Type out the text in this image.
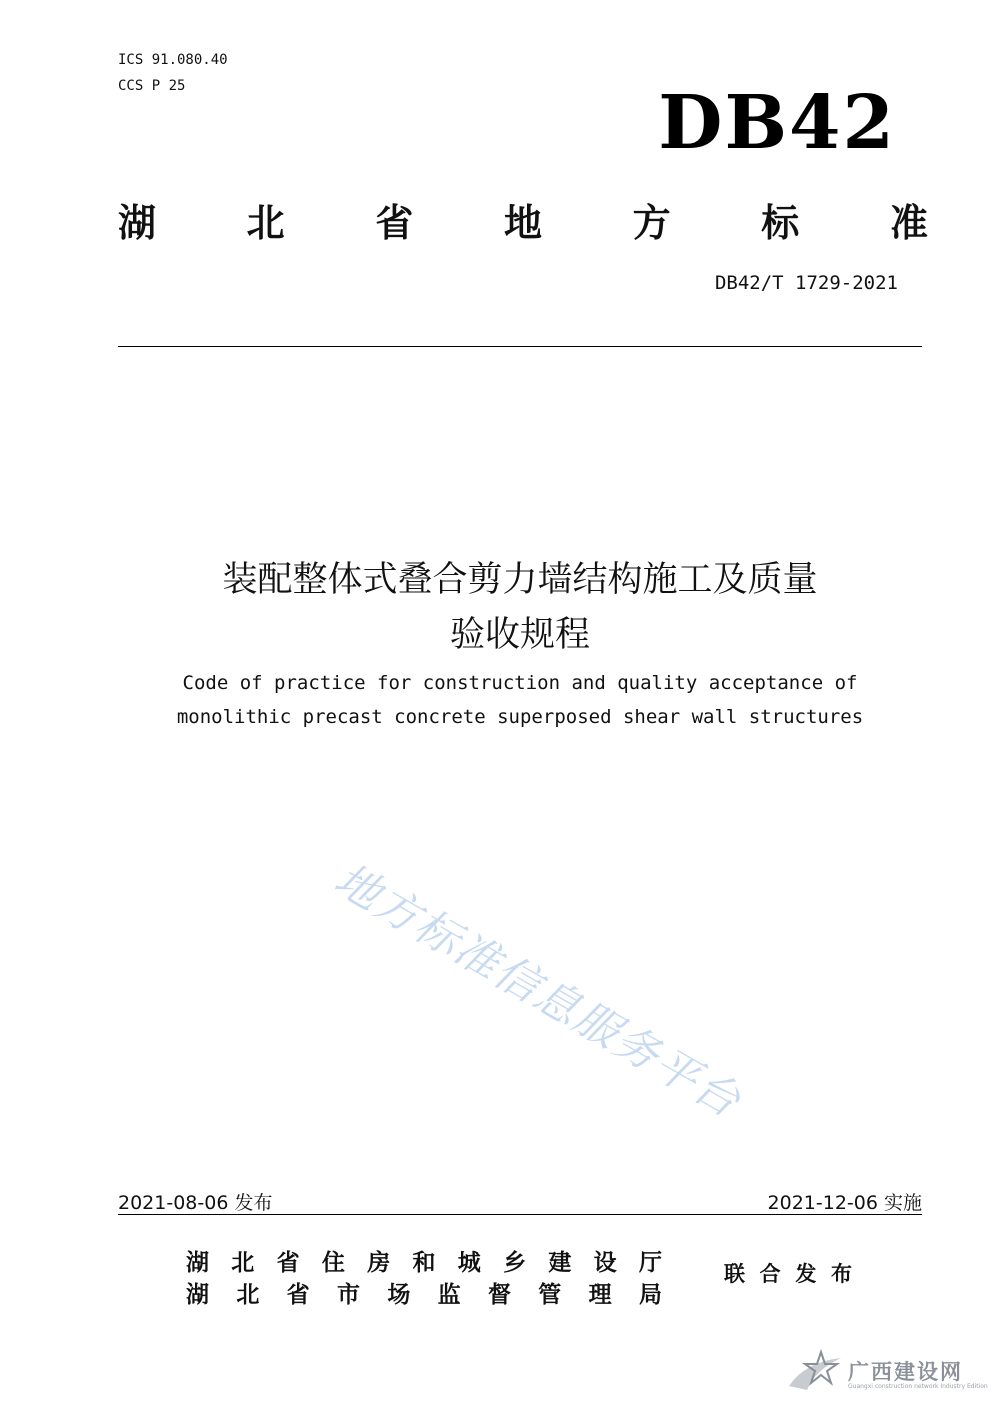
ICS 91.080.40
CCS P 25	DB42
湖 北 省 地 方 标 准
DB42/T 1729-2021
装配整体式叠合剪力墙结构施工及质量
验收规程
Code of practice for construction and quality acceptance of
monolithic precast concrete superposed shear wall structures
地方标准信息服务平台
2021-08-06 发布	2021-12-06 实施
湖 北 省 住 房 和 城 乡 建 设 厅
湖 北 省 市 场 监 督 管 理 局
联 合 发 布
广西建设网
Guangxi construction network Industry Edition
